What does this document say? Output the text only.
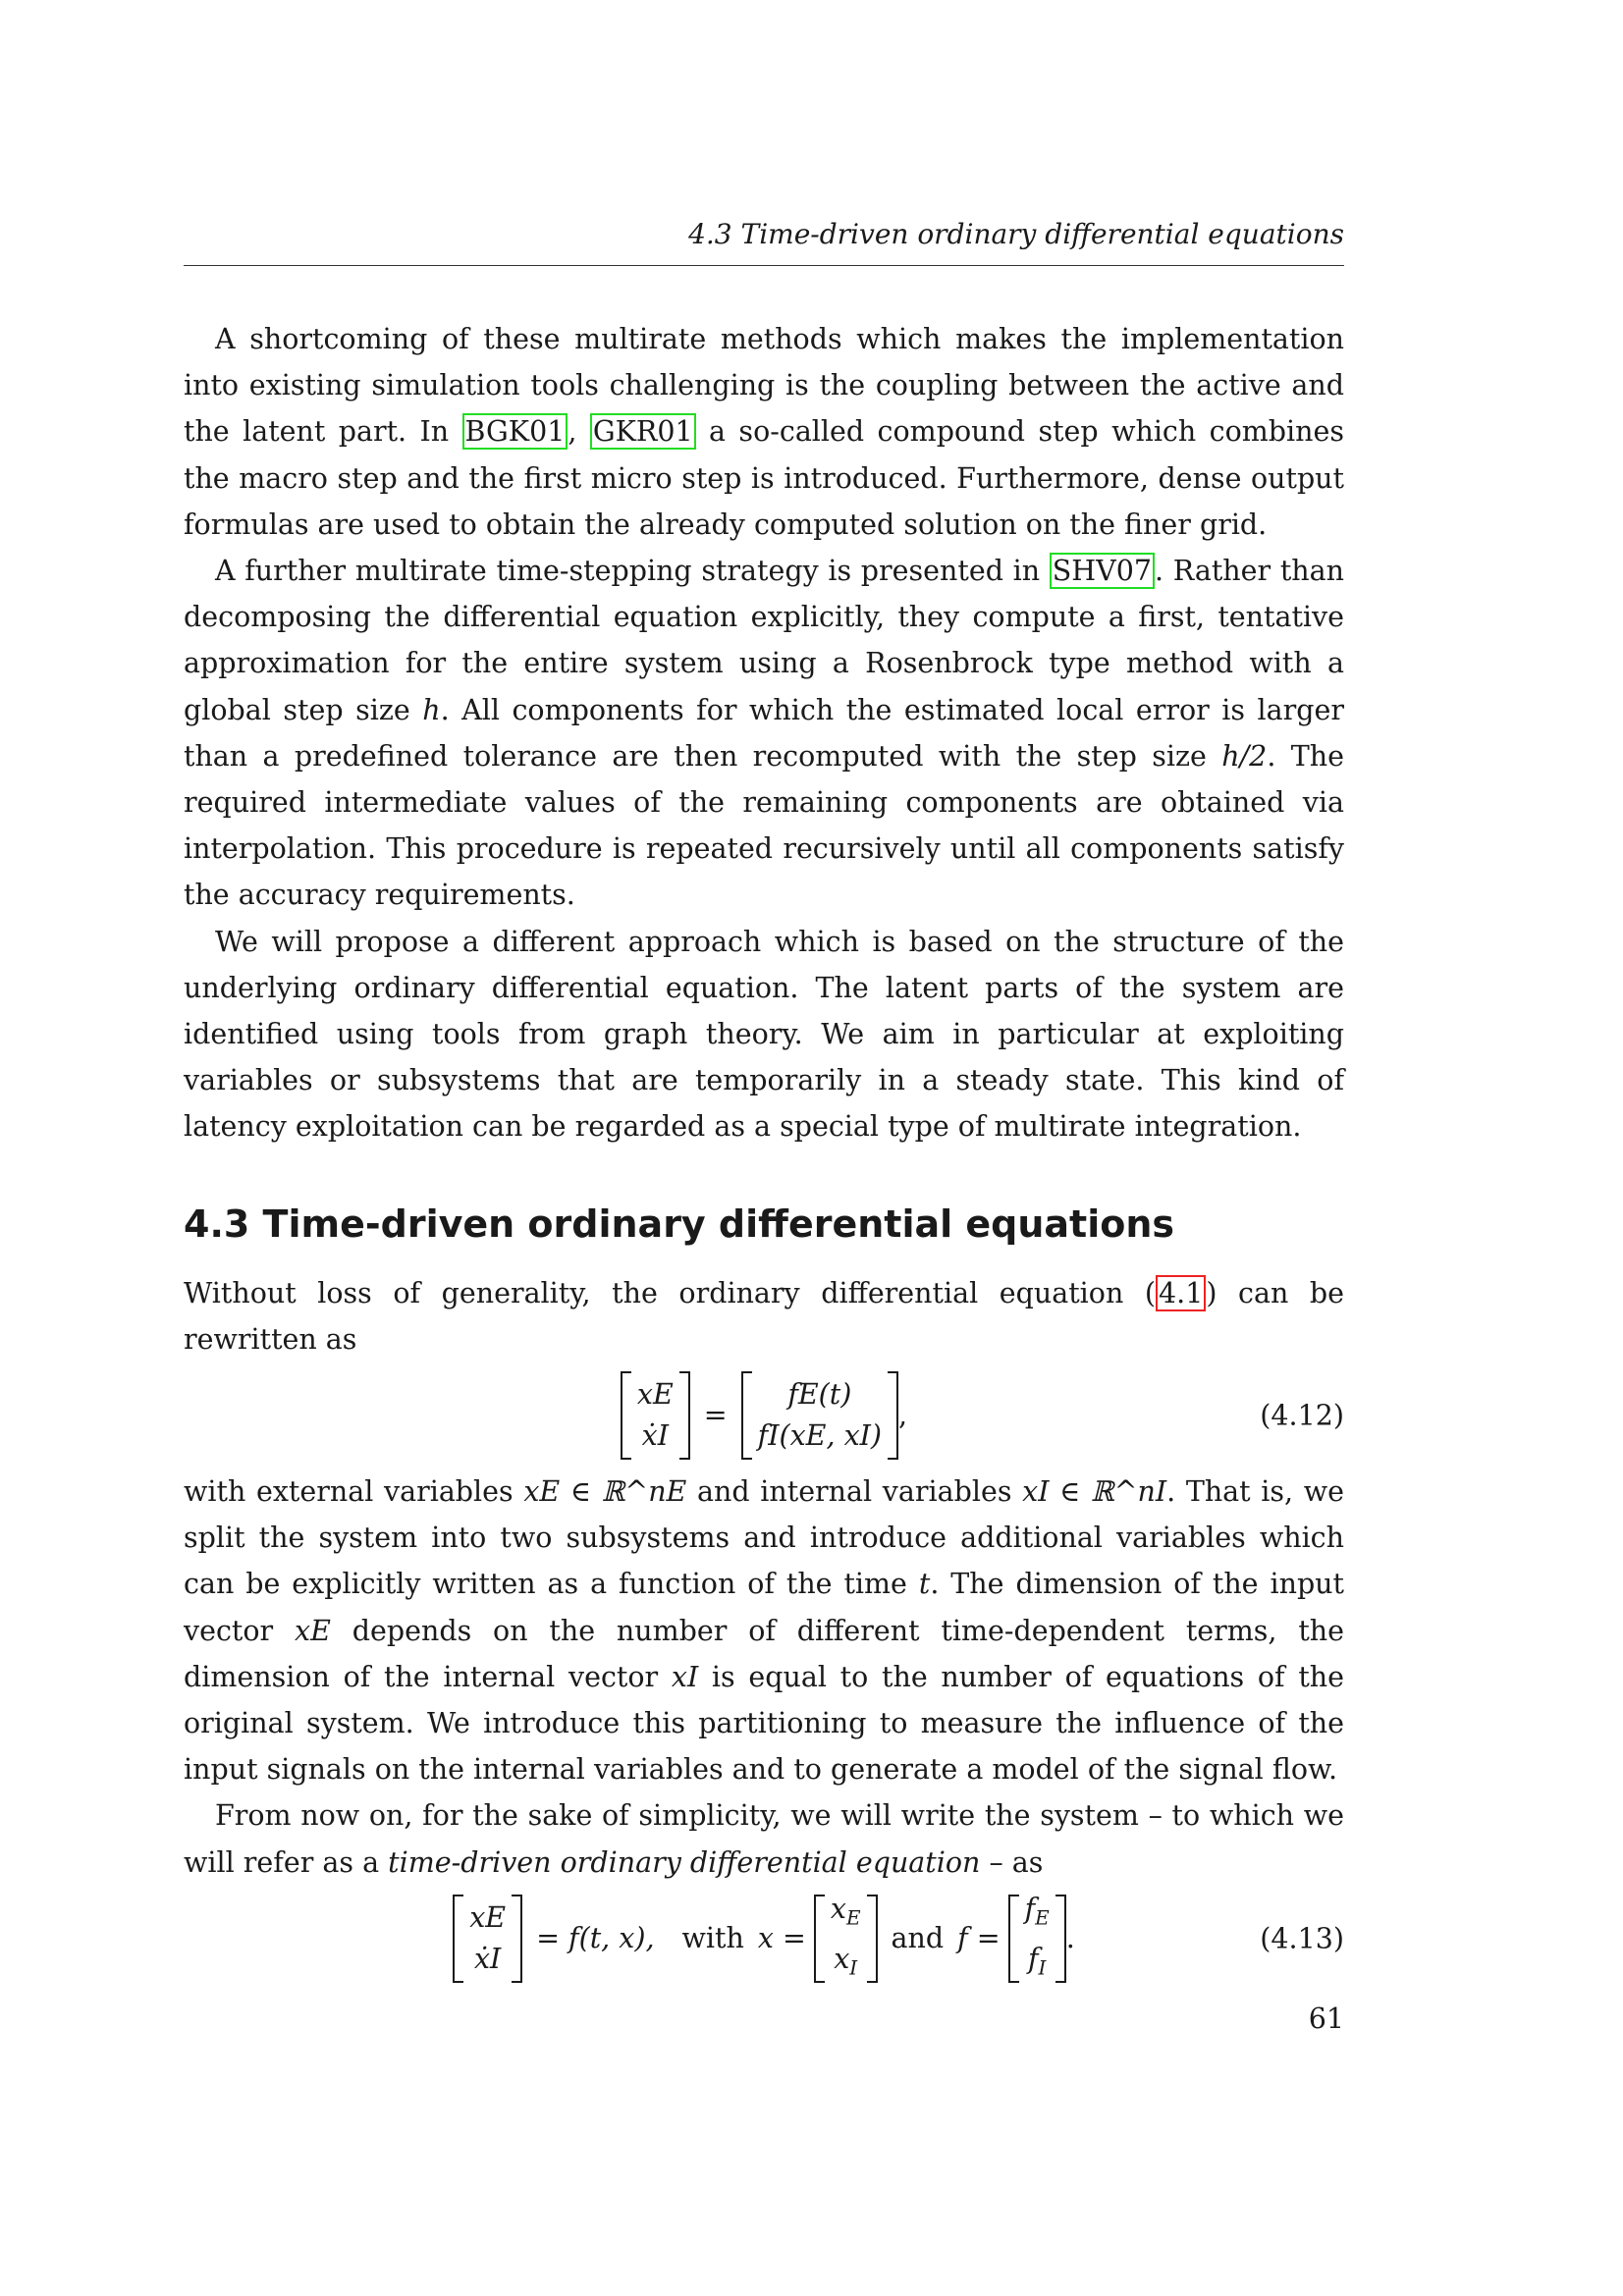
4.3 Time-driven ordinary differential equations

A shortcoming of these multirate methods which makes the implementation into existing simulation tools challenging is the coupling between the active and the latent part. In BGK01 , GKR01 a so-called compound step which combines the macro step and the first micro step is introduced. Furthermore, dense output formulas are used to obtain the already computed solution on the finer grid.

A further multirate time-stepping strategy is presented in SHV07 . Rather than decomposing the differential equation explicitly, they compute a first, tentative approximation for the entire system using a Rosenbrock type method with a global step size h. All components for which the estimated local error is larger than a predefined tolerance are then recomputed with the step size h/2. The required intermediate values of the remaining components are obtained via interpolation. This procedure is repeated recursively until all components satisfy the accuracy requirements.

We will propose a different approach which is based on the structure of the underlying ordinary differential equation. The latent parts of the system are identified using tools from graph theory. We aim in particular at exploiting variables or subsystems that are temporarily in a steady state. This kind of latency exploitation can be regarded as a special type of multirate integration.

4.3 Time-driven ordinary differential equations

Without loss of generality, the ordinary differential equation ( 4.1 ) can be rewritten as

xE
ẋI
=
fE(t)
fI(xE, xI)
,	(4.12)

with external variables xE ∈ ℝ^nE and internal variables xI ∈ ℝ^nI. That is, we split the system into two subsystems and introduce additional variables which can be explicitly written as a function of the time t. The dimension of the input vector xE depends on the number of different time-dependent terms, the dimension of the internal vector xI is equal to the number of equations of the original system. We introduce this partitioning to measure the influence of the input signals on the internal variables and to generate a model of the signal flow.

From now on, for the sake of simplicity, we will write the system – to which we will refer as a time-driven ordinary differential equation – as

xE
ẋI
= f(t, x), with x =
$x_E$
$x_I$
and f =
$f_E$
$f_I$
.	(4.13)
61
